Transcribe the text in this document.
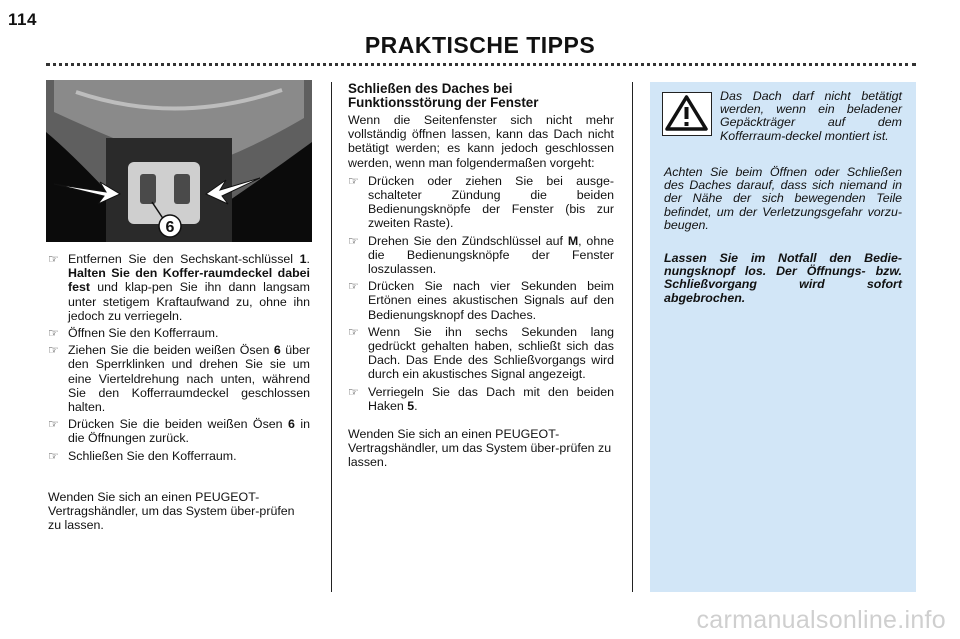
114
PRAKTISCHE TIPPS
6
☞ Entfernen Sie den Sechskant-schlüssel 1. Halten Sie den Koffer-raumdeckel dabei fest und klap-pen Sie ihn dann langsam unter stetigem Kraftaufwand zu, ohne ihn jedoch zu verriegeln.
☞ Öffnen Sie den Kofferraum.
☞ Ziehen Sie die beiden weißen Ösen 6 über den Sperrklinken und drehen Sie sie um eine Vierteldrehung nach unten, während Sie den Kofferraumdeckel geschlossen halten.
☞ Drücken Sie die beiden weißen Ösen 6 in die Öffnungen zurück.
☞ Schließen Sie den Kofferraum.

Wenden Sie sich an einen PEUGEOT-Vertragshändler, um das System über-prüfen zu lassen.

Schließen des Daches bei Funktionsstörung der Fenster

Wenn die Seitenfenster sich nicht mehr vollständig öffnen lassen, kann das Dach nicht betätigt werden; es kann jedoch geschlossen werden, wenn man folgendermaßen vorgeht:

☞ Drücken oder ziehen Sie bei ausge-schalteter Zündung die beiden Bedienungsknöpfe der Fenster (bis zur zweiten Raste).
☞ Drehen Sie den Zündschlüssel auf M, ohne die Bedienungsknöpfe der Fenster loszulassen.
☞ Drücken Sie nach vier Sekunden beim Ertönen eines akustischen Signals auf den Bedienungsknopf des Daches.
☞ Wenn Sie ihn sechs Sekunden lang gedrückt gehalten haben, schließt sich das Dach. Das Ende des Schließvorgangs wird durch ein akustisches Signal angezeigt.
☞ Verriegeln Sie das Dach mit den beiden Haken 5.

Wenden Sie sich an einen PEUGEOT-Vertragshändler, um das System über-prüfen zu lassen.

Das Dach darf nicht betätigt werden, wenn ein beladener Gepäckträger auf dem Kofferraum-deckel montiert ist.

Achten Sie beim Öffnen oder Schließen des Daches darauf, dass sich niemand in der Nähe der sich bewegenden Teile befindet, um der Verletzungsgefahr vorzu-beugen.

Lassen Sie im Notfall den Bedie-nungsknopf los. Der Öffnungs- bzw. Schließvorgang wird sofort abgebrochen.

carmanualsonline.info
